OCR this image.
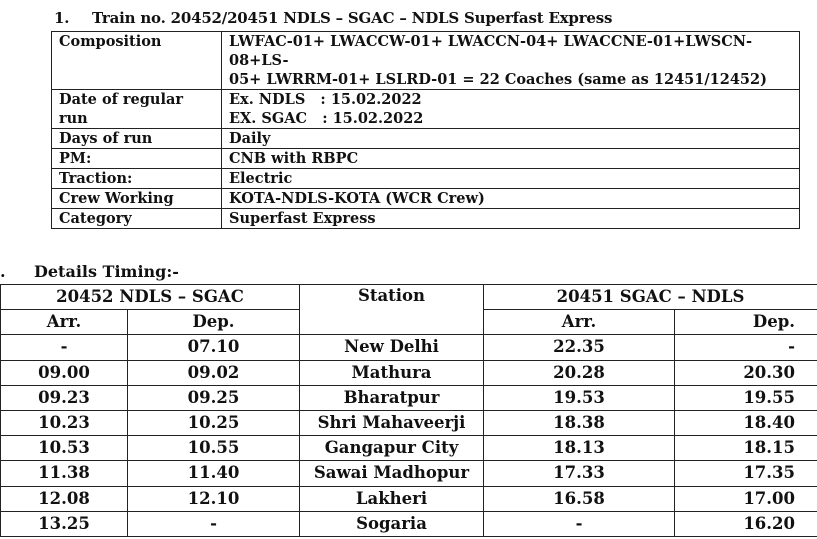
1. Train no. 20452/20451 NDLS – SGAC – NDLS Superfast Express
Composition	LWFAC-01+ LWACCW-01+ LWACCN-04+ LWACCNE-01+LWSCN-08+LS-
05+ LWRRM-01+ LSLRD-01 = 22 Coaches (same as 12451/12452)

Date of regular run	Ex. NDLS   : 15.02.2022
EX. SGAC   : 15.02.2022

Days of run	Daily
PM:	CNB with RBPC
Traction:	Electric
Crew Working	KOTA-NDLS-KOTA (WCR Crew)
Category	Superfast Express
. Details Timing:-
20452 NDLS – SGAC		Station	20451 SGAC – NDLS	
Arr.	Dep.		Arr.	Dep.
-	07.10	New Delhi	22.35	-
09.00	09.02	Mathura	20.28	20.30
09.23	09.25	Bharatpur	19.53	19.55
10.23	10.25	Shri Mahaveerji	18.38	18.40
10.53	10.55	Gangapur City	18.13	18.15
11.38	11.40	Sawai Madhopur	17.33	17.35
12.08	12.10	Lakheri	16.58	17.00
13.25	-	Sogaria	-	16.20
